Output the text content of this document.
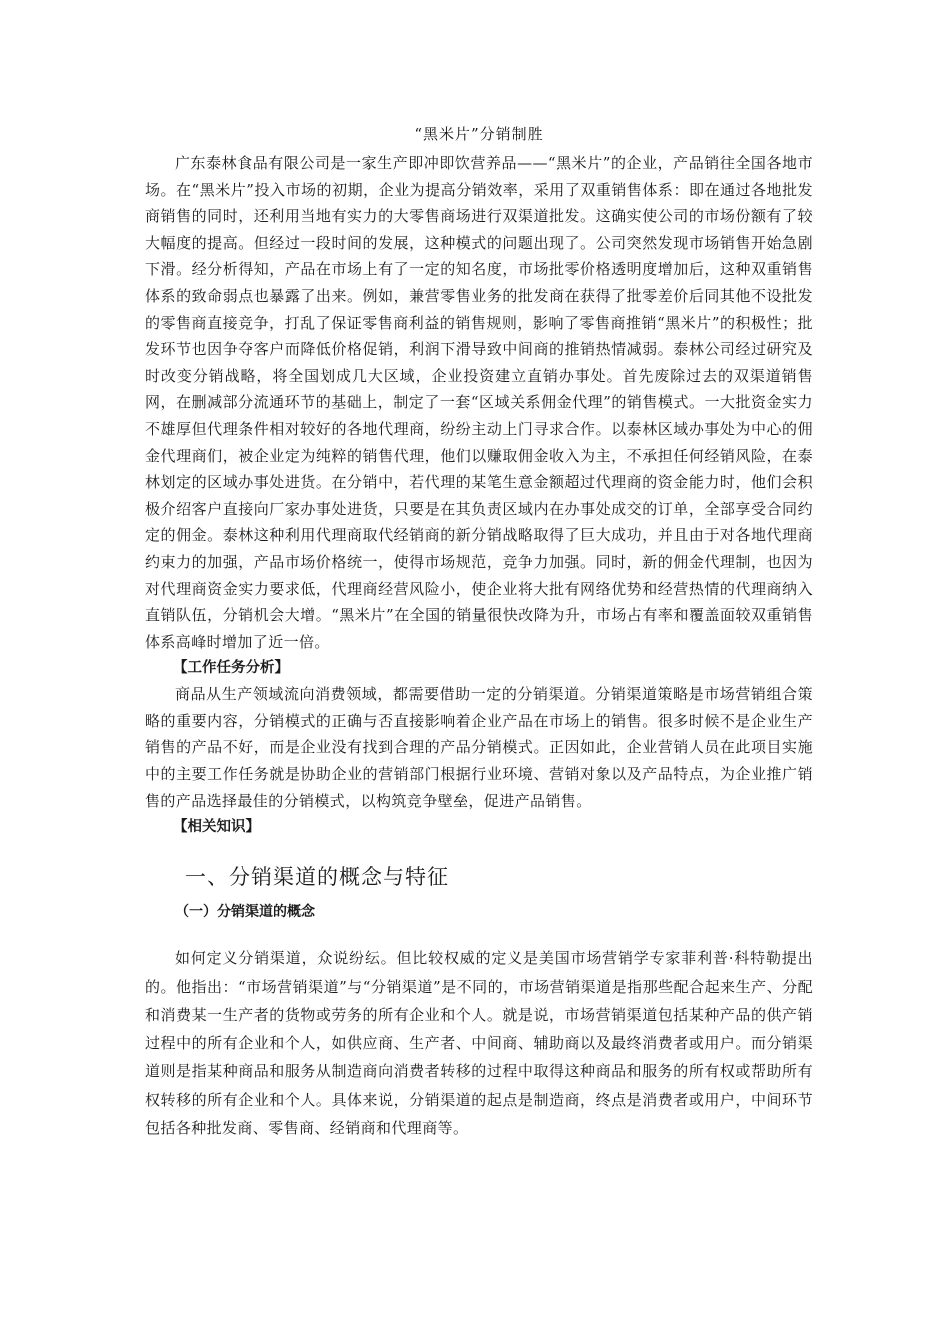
“黑米片”分销制胜

广东泰林食品有限公司是一家生产即冲即饮营养品——“黑米片”的企业，产品销往全国各地市场。在“黑米片”投入市场的初期，企业为提高分销效率，采用了双重销售体系：即在通过各地批发商销售的同时，还利用当地有实力的大零售商场进行双渠道批发。这确实使公司的市场份额有了较大幅度的提高。但经过一段时间的发展，这种模式的问题出现了。公司突然发现市场销售开始急剧下滑。经分析得知，产品在市场上有了一定的知名度，市场批零价格透明度增加后，这种双重销售体系的致命弱点也暴露了出来。例如，兼营零售业务的批发商在获得了批零差价后同其他不设批发的零售商直接竞争，打乱了保证零售商利益的销售规则，影响了零售商推销“黑米片”的积极性；批发环节也因争夺客户而降低价格促销，利润下滑导致中间商的推销热情减弱。泰林公司经过研究及时改变分销战略，将全国划成几大区域，企业投资建立直销办事处。首先废除过去的双渠道销售网，在删减部分流通环节的基础上，制定了一套“区域关系佣金代理”的销售模式。一大批资金实力不雄厚但代理条件相对较好的各地代理商，纷纷主动上门寻求合作。以泰林区域办事处为中心的佣金代理商们，被企业定为纯粹的销售代理，他们以赚取佣金收入为主，不承担任何经销风险，在泰林划定的区域办事处进货。在分销中，若代理的某笔生意金额超过代理商的资金能力时，他们会积极介绍客户直接向厂家办事处进货，只要是在其负责区域内在办事处成交的订单，全部享受合同约定的佣金。泰林这种利用代理商取代经销商的新分销战略取得了巨大成功，并且由于对各地代理商约束力的加强，产品市场价格统一，使得市场规范，竞争力加强。同时，新的佣金代理制，也因为对代理商资金实力要求低，代理商经营风险小，使企业将大批有网络优势和经营热情的代理商纳入直销队伍，分销机会大增。“黑米片”在全国的销量很快改降为升，市场占有率和覆盖面较双重销售体系高峰时增加了近一倍。

【工作任务分析】

商品从生产领域流向消费领域，都需要借助一定的分销渠道。分销渠道策略是市场营销组合策略的重要内容，分销模式的正确与否直接影响着企业产品在市场上的销售。很多时候不是企业生产销售的产品不好，而是企业没有找到合理的产品分销模式。正因如此，企业营销人员在此项目实施中的主要工作任务就是协助企业的营销部门根据行业环境、营销对象以及产品特点，为企业推广销售的产品选择最佳的分销模式，以构筑竞争壁垒，促进产品销售。

【相关知识】
一、分销渠道的概念与特征
（一）分销渠道的概念

如何定义分销渠道，众说纷纭。但比较权威的定义是美国市场营销学专家菲利普·科特勒提出的。他指出：“市场营销渠道”与“分销渠道”是不同的，市场营销渠道是指那些配合起来生产、分配和消费某一生产者的货物或劳务的所有企业和个人。就是说，市场营销渠道包括某种产品的供产销过程中的所有企业和个人，如供应商、生产者、中间商、辅助商以及最终消费者或用户。而分销渠道则是指某种商品和服务从制造商向消费者转移的过程中取得这种商品和服务的所有权或帮助所有权转移的所有企业和个人。具体来说，分销渠道的起点是制造商，终点是消费者或用户，中间环节包括各种批发商、零售商、经销商和代理商等。
